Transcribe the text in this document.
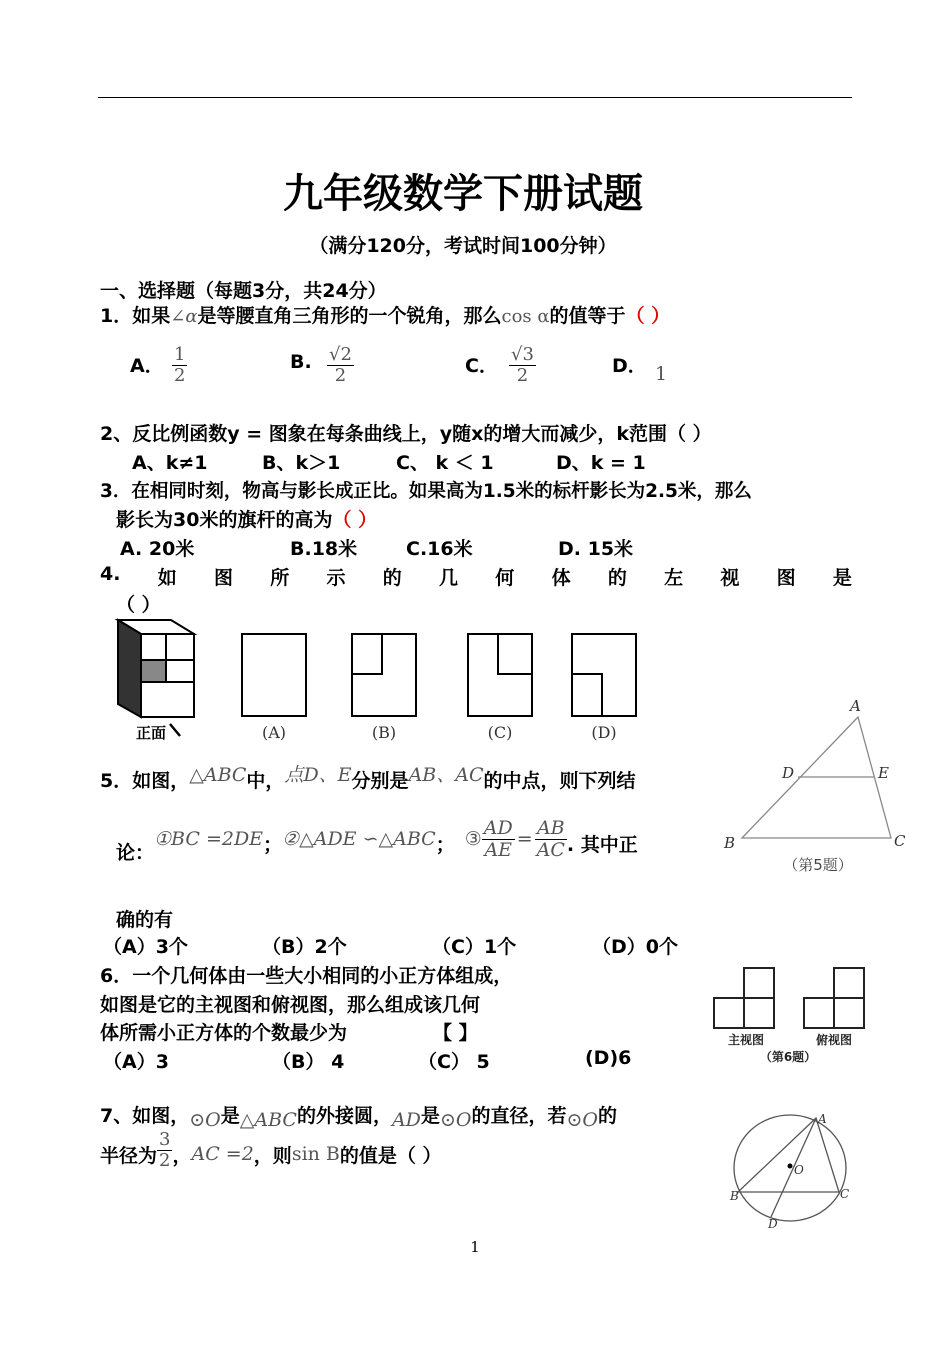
九年级数学下册试题
（满分120分，考试时间100分钟）
一、选择题（每题3分，共24分）
1．如果∠α是等腰直角三角形的一个锐角，那么cos α的值等于（ ）
A． $\frac{1}{2}$	B. $\frac{√2}{2}$	C． $\frac{√3}{2}$	D． 1
2、反比例函数y = 图象在每条曲线上，y随x的增大而减少，k范围（ ）
A、k≠1	B、k＞1	C、 k ＜ 1	D、k = 1
3．在相同时刻，物高与影长成正比。如果高为1.5米的标杆影长为2.5米，那么
影长为30米的旗杆的高为（ ）
A. 20米	B.18米	C.16米	D. 15米
4. 如 图 所 示 的 几 何 体 的 左 视 图 是
（ ）
正面	(A)	(B)	(C)	(D)
5．如图，△ABC中，点D、E分别是AB、AC的中点，则下列结
论：
①BC =2DE ； ②△ADE ∽△ABC ； ③ $\frac{AD}{AE} = \frac{AB}{AC}$ . 其中正
确的有
（A）3个	（B）2个	（C）1个	（D）0个
A
D	E
B	C
（第5题）
6．一个几何体由一些大小相同的小正方体组成，
如图是它的主视图和俯视图，那么组成该几何
体所需小正方体的个数最少为	【 】
（A）3	（B） 4	（C） 5	(D)6
主视图	俯视图
（第6题）
7、如图，⊙O是△ABC的外接圆，AD是⊙O的直径，若⊙O的
半径为 $\frac{3}{2}$ ， AC =2 ，则 sin B 的值是（ ）
A
O
B	C
D
1
